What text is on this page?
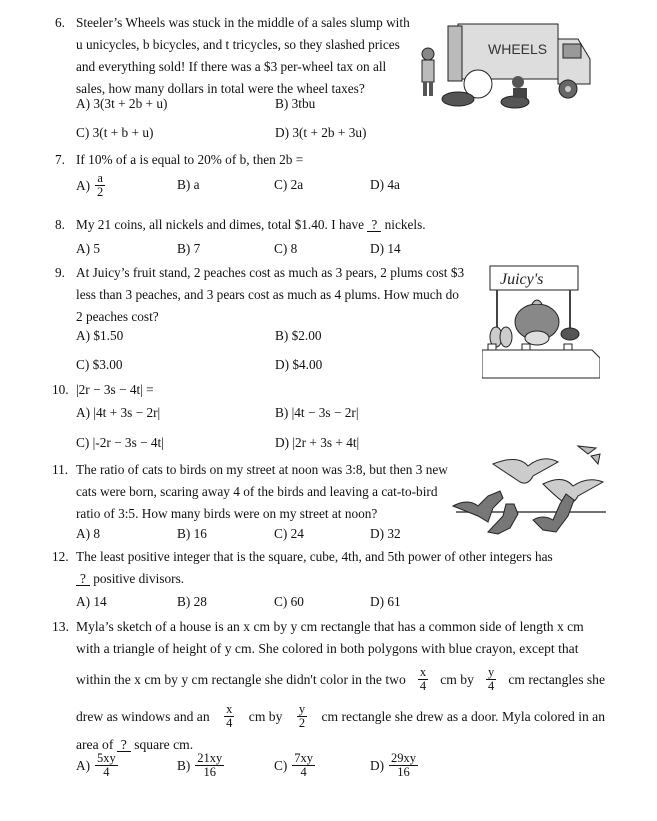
6. Steeler’s Wheels was stuck in the middle of a sales slump with
u unicycles, b bicycles, and t tricycles, so they slashed prices
and everything sold! If there was a $3 per-wheel tax on all
sales, how many dollars in total were the wheel taxes?
A) 3(3t + 2b + u)	B) 3tbu
C) 3(t + b + u)	D) 3(t + 2b + 3u)
WHEELS
7. If 10% of a is equal to 20% of b, then 2b =
$A) \frac{a}{2}$	B) a	C) 2a	D) 4a
8. My 21 coins, all nickels and dimes, total $1.40. I have ? nickels.
A) 5	B) 7	C) 8	D) 14
9. At Juicy’s fruit stand, 2 peaches cost as much as 3 pears, 2 plums cost $3
less than 3 peaches, and 3 pears cost as much as 4 plums. How much do
2 peaches cost?
A) $1.50	B) $2.00
C) $3.00	D) $4.00
Juicy's
10. |2r − 3s − 4t| =
A) |4t + 3s − 2r|	B) |4t − 3s − 2r|
C) |-2r − 3s − 4t|	D) |2r + 3s + 4t|
11. The ratio of cats to birds on my street at noon was 3:8, but then 3 new
cats were born, scaring away 4 of the birds and leaving a cat-to-bird
ratio of 3:5. How many birds were on my street at noon?
A) 8	B) 16	C) 24	D) 32
12. The least positive integer that is the square, cube, 4th, and 5th power of other integers has
? positive divisors.
A) 14	B) 28	C) 60	D) 61
13. Myla’s sketch of a house is an x cm by y cm rectangle that has a common side of length x cm
with a triangle of height of y cm. She colored in both polygons with blue crayon, except that
within the x cm by y cm rectangle she didn't color in the two $\frac{x}{4}$ cm by $\frac{y}{4}$ cm rectangles she
drew as windows and an $\frac{x}{4}$ cm by $\frac{y}{2}$ cm rectangle she drew as a door. Myla colored in an
area of ? square cm.
$A) \frac{5xy}{4}$	$B) \frac{21xy}{16}$	$C) \frac{7xy}{4}$	$D) \frac{29xy}{16}$
